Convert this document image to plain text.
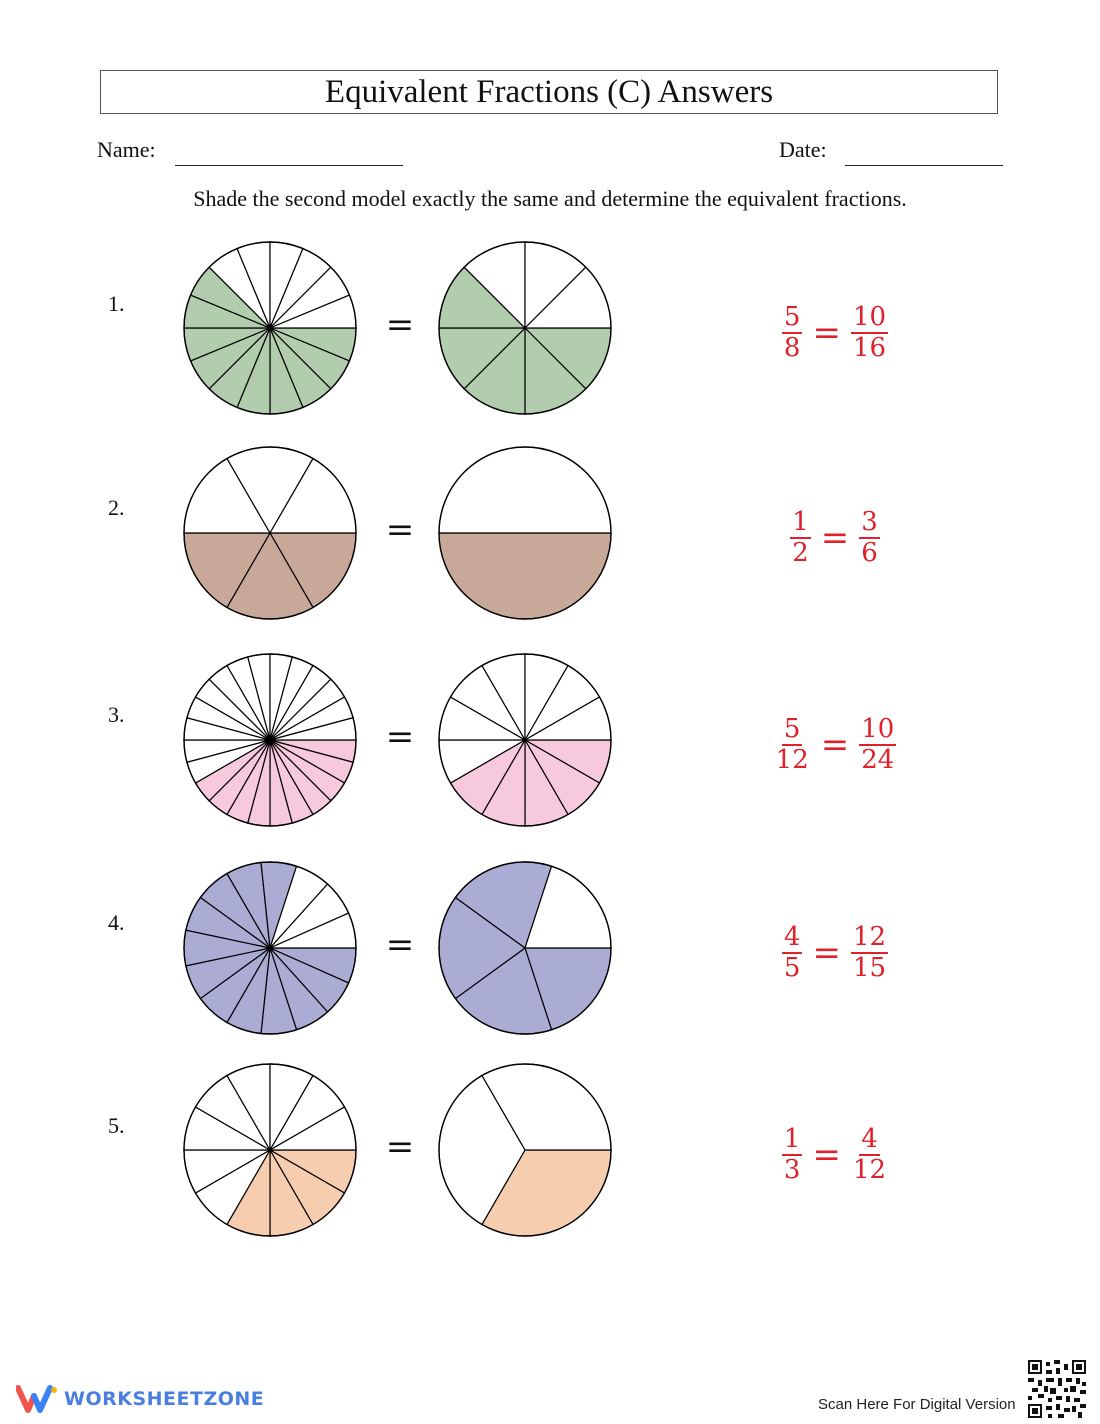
Equivalent Fractions (C) Answers
Name:	Date:
Shade the second model exactly the same and determine the equivalent fractions.
1.
=	$\frac{5}{8} = \frac{10}{16}$
2.
=	$\frac{1}{2} = \frac{3}{6}$
3.
=	$\frac{5}{12} = \frac{10}{24}$
4.
=	$\frac{4}{5} = \frac{12}{15}$
5.
=	$\frac{1}{3} = \frac{4}{12}$
WORKSHEETZONE	Scan Here For Digital Version
